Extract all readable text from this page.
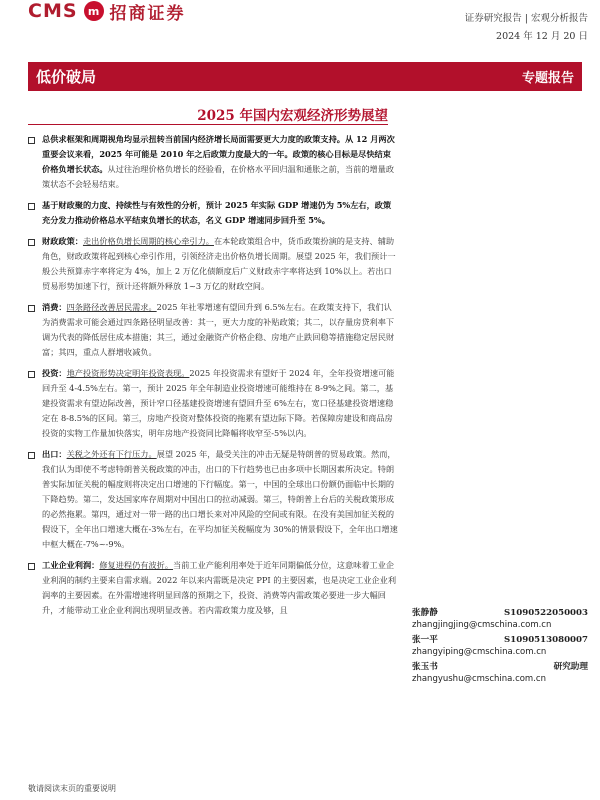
CMS m 招商证券	证券研究报告 | 宏观分析报告
2024 年 12 月 20 日
低价破局	专题报告
2025 年国内宏观经济形势展望
总供求框架和周期视角均显示扭转当前国内经济增长局面需要更大力度的政策支持。从 12 月两次重要会议来看，2025 年可能是 2010 年之后政策力度最大的一年。政策的核心目标是尽快结束价格负增长状态。从过往治理价格负增长的经验看，在价格水平回归温和通胀之前，当前的增量政策状态不会轻易结束。
基于财政聚的力度、持续性与有效性的分析，预计 2025 年实际 GDP 增速仍为 5%左右，政策充分发力推动价格总水平结束负增长的状态，名义 GDP 增速同步回升至 5%。
财政政策：走出价格负增长周期的核心牵引力。在本轮政策组合中，货币政策扮演的是支持、辅助角色，财政政策将起到核心牵引作用，引领经济走出价格负增长周期。展望 2025 年，我们预计一般公共预算赤字率将定为 4%，加上 2 万亿化债额度后广义财政赤字率将达到 10%以上。若出口贸易形势加速下行，预计还将额外释放 1~3 万亿的财政空间。
消费：四条路径改善居民需求。2025 年社零增速有望回升到 6.5%左右。在政策支持下，我们认为消费需求可能会通过四条路径明显改善：其一，更大力度的补贴政策；其二，以存量房贷利率下调为代表的降低居住成本措施；其三，通过金融资产价格企稳、房地产止跌回稳等措施稳定居民财富；其四，重点人群增收减负。
投资：地产投资形势决定明年投资表现。2025 年投资需求有望好于 2024 年，全年投资增速可能回升至 4-4.5%左右。第一，预计 2025 年全年制造业投资增速可能维持在 8-9%之间。第二，基建投资需求有望边际改善，预计窄口径基建投资增速有望回升至 6%左右，宽口径基建投资增速稳定在 8-8.5%的区间。第三，房地产投资对整体投资的拖累有望边际下降。若保障房建设和商品房投资的实物工作量加快落实，明年房地产投资同比降幅将收窄至-5%以内。
出口：关税之外还有下行压力。展望 2025 年，最受关注的冲击无疑是特朗普的贸易政策。然而，我们认为即使不考虑特朗普关税政策的冲击，出口的下行趋势也已由多项中长期因素所决定。特朗普实际加征关税的幅度则将决定出口增速的下行幅度。第一，中国的全球出口份额仍面临中长期的下降趋势。第二，发达国家库存周期对中国出口的拉动减弱。第三，特朗普上台后的关税政策形成的必然拖累。第四，通过对一带一路的出口增长来对冲风险的空间或有限。在没有美国加征关税的假设下，全年出口增速大概在-3%左右，在平均加征关税幅度为 30%的情景假设下，全年出口增速中枢大概在-7%~-9%。
工业企业利润：修复进程仍有波折。当前工业产能利用率处于近年同期偏低分位，这意味着工业企业利润的制约主要来自需求端。2022 年以来内需既是决定 PPI 的主要因素，也是决定工业企业利润率的主要因素。在外需增速将明显回落的预期之下，投资、消费等内需政策必要进一步大幅回升，才能带动工业企业利润出现明显改善。若内需政策力度及够，且	张静静	S1090522050003
zhangjingjing@cmschina.com.cn
张一平	S1090513080007
zhangyiping@cmschina.com.cn
张玉书	研究助理
zhangyushu@cmschina.com.cn
敬请阅读末页的重要说明
